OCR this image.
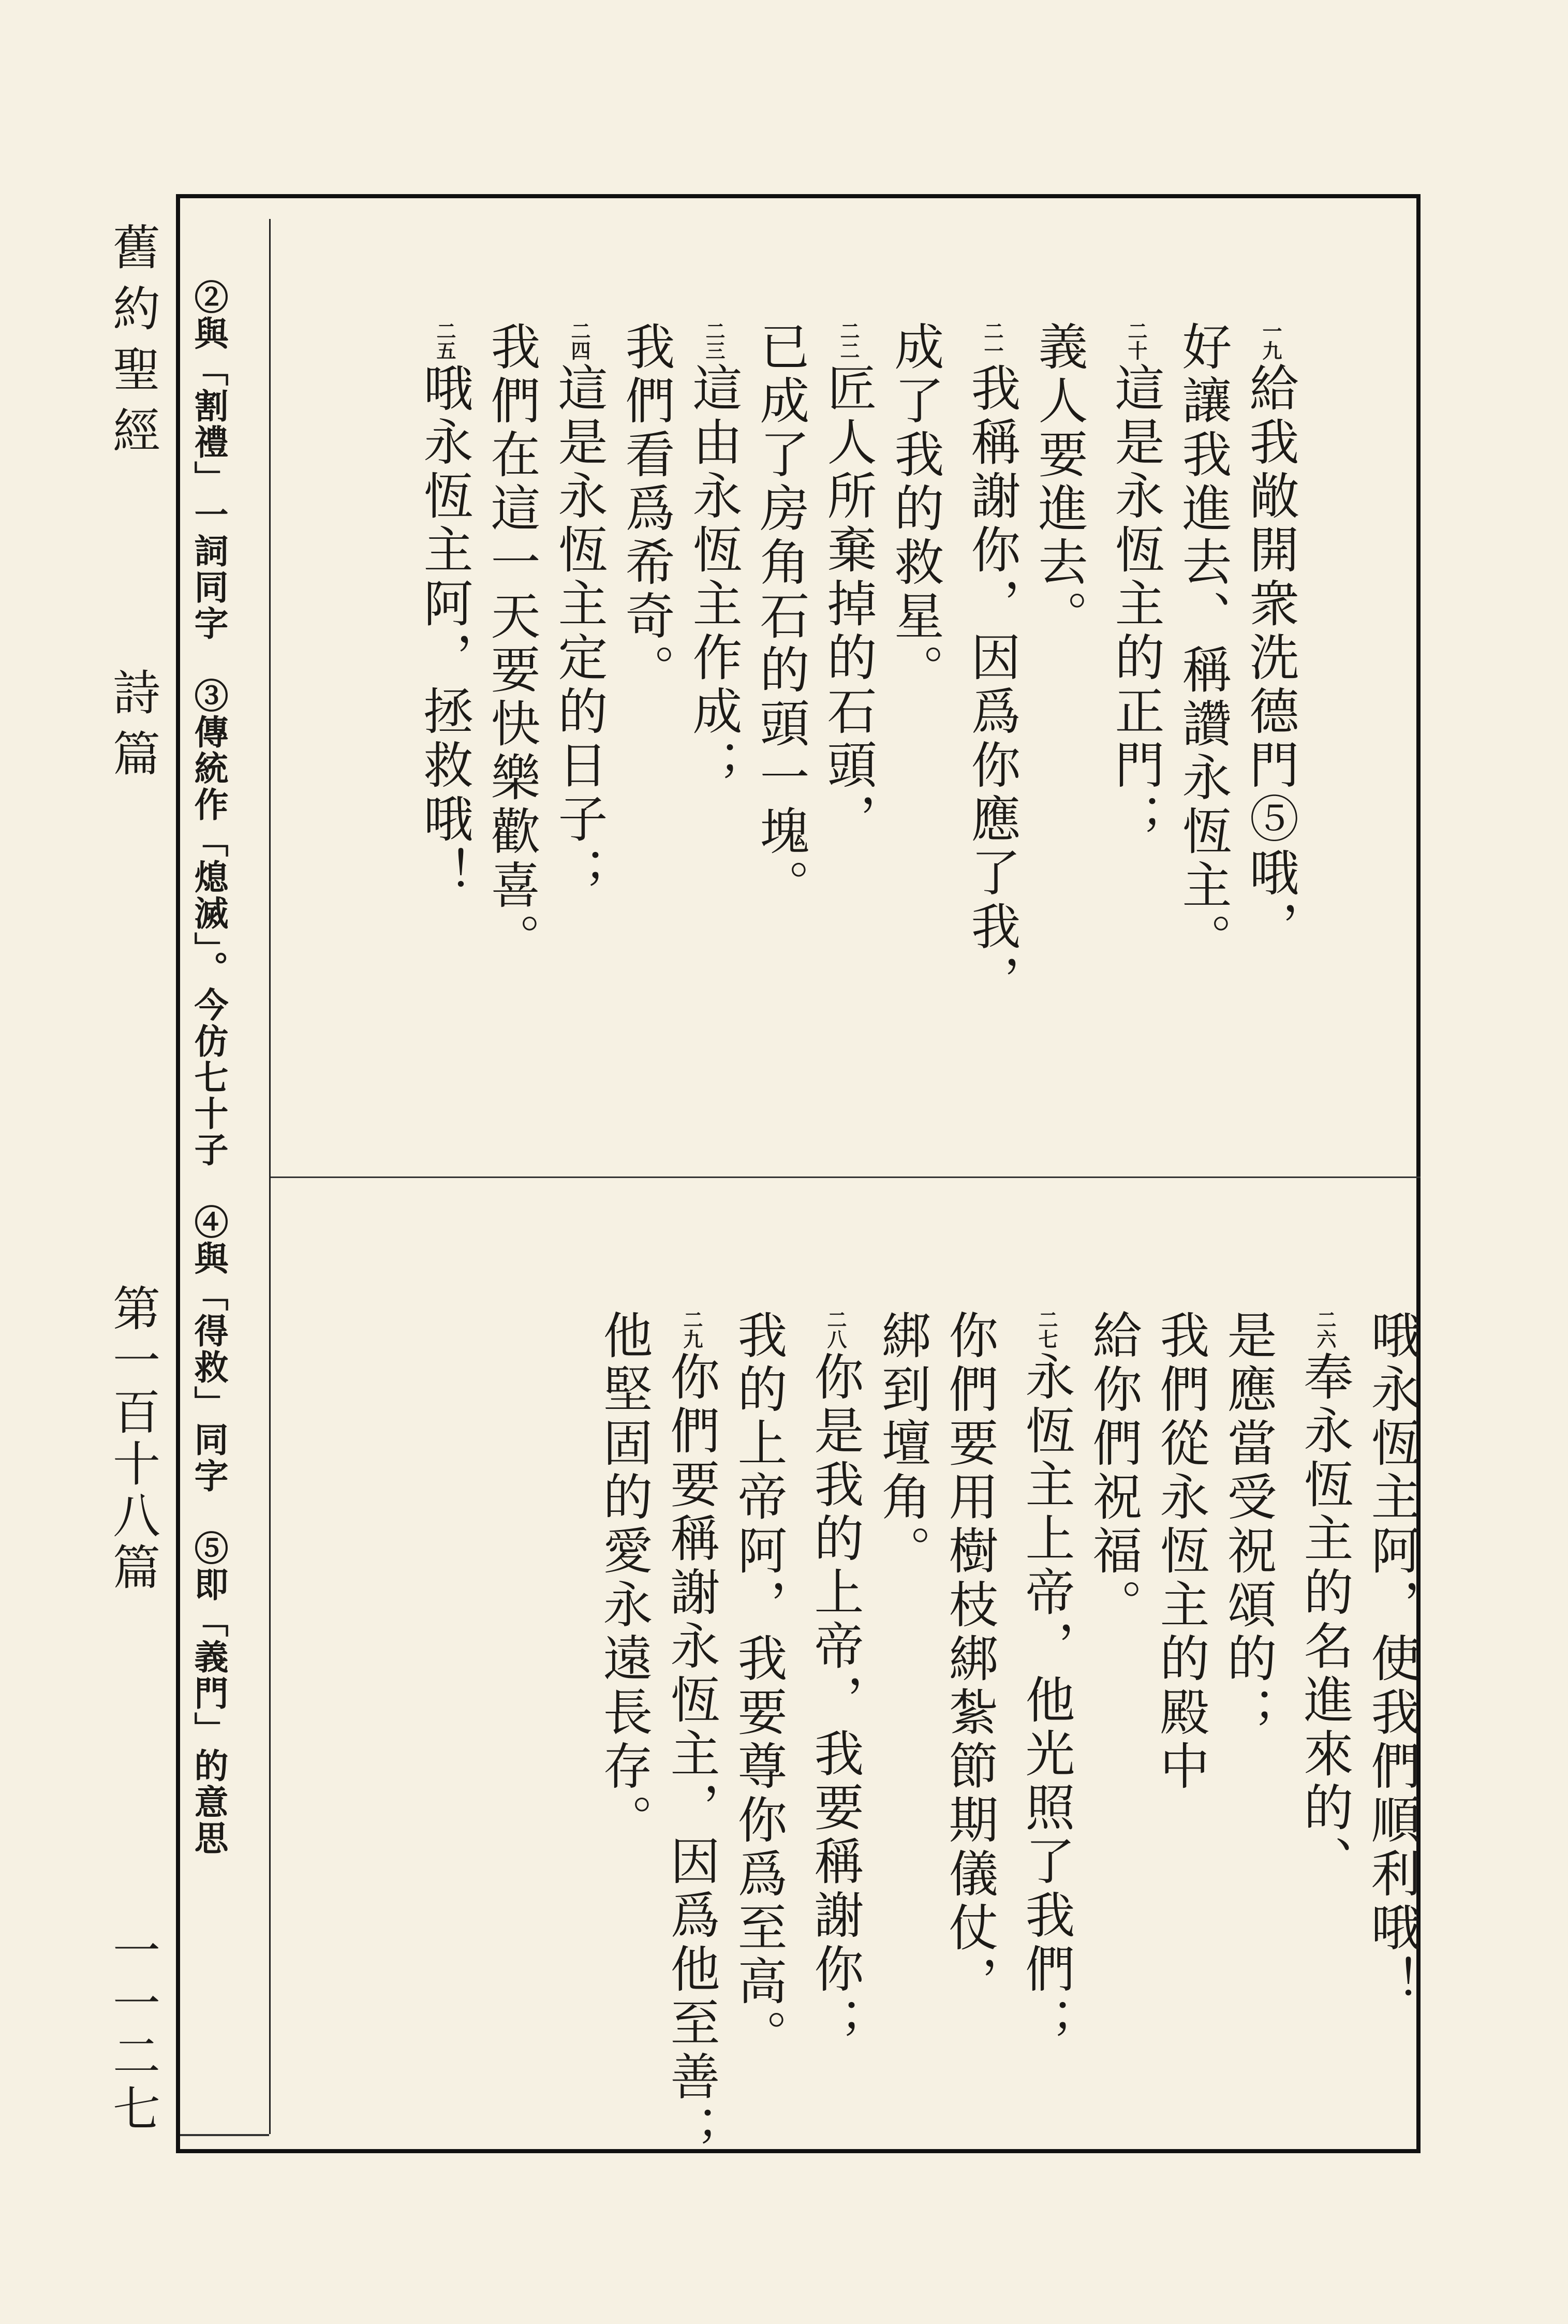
舊約聖經
詩篇
第一百十八篇
一一二七
②與「割禮」一詞同字　③傳統作「熄滅」。今仿七十子　④與「得救」同字　⑤即「義門」的意思	一九給我敞開衆洗德門⑤哦，
好讓我進去、稱讚永恆主。
二十這是永恆主的正門；
義人要進去。
二一我稱謝你，因爲你應了我，
成了我的救星。
二二匠人所棄掉的石頭，
已成了房角石的頭一塊。
二三這由永恆主作成；
我們看爲希奇。
二四這是永恆主定的日子；
我們在這一天要快樂歡喜。
二五哦永恆主阿，拯救哦！
哦永恆主阿，使我們順利哦！
二六奉永恆主的名進來的、
是應當受祝頌的；
我們從永恆主的殿中
給你們祝福。
二七永恆主上帝，他光照了我們；
你們要用樹枝綁紮節期儀仗，
綁到壇角。
二八你是我的上帝，我要稱謝你；
我的上帝阿，我要尊你爲至高。
二九你們要稱謝永恆主，因爲他至善；
他堅固的愛永遠長存。
